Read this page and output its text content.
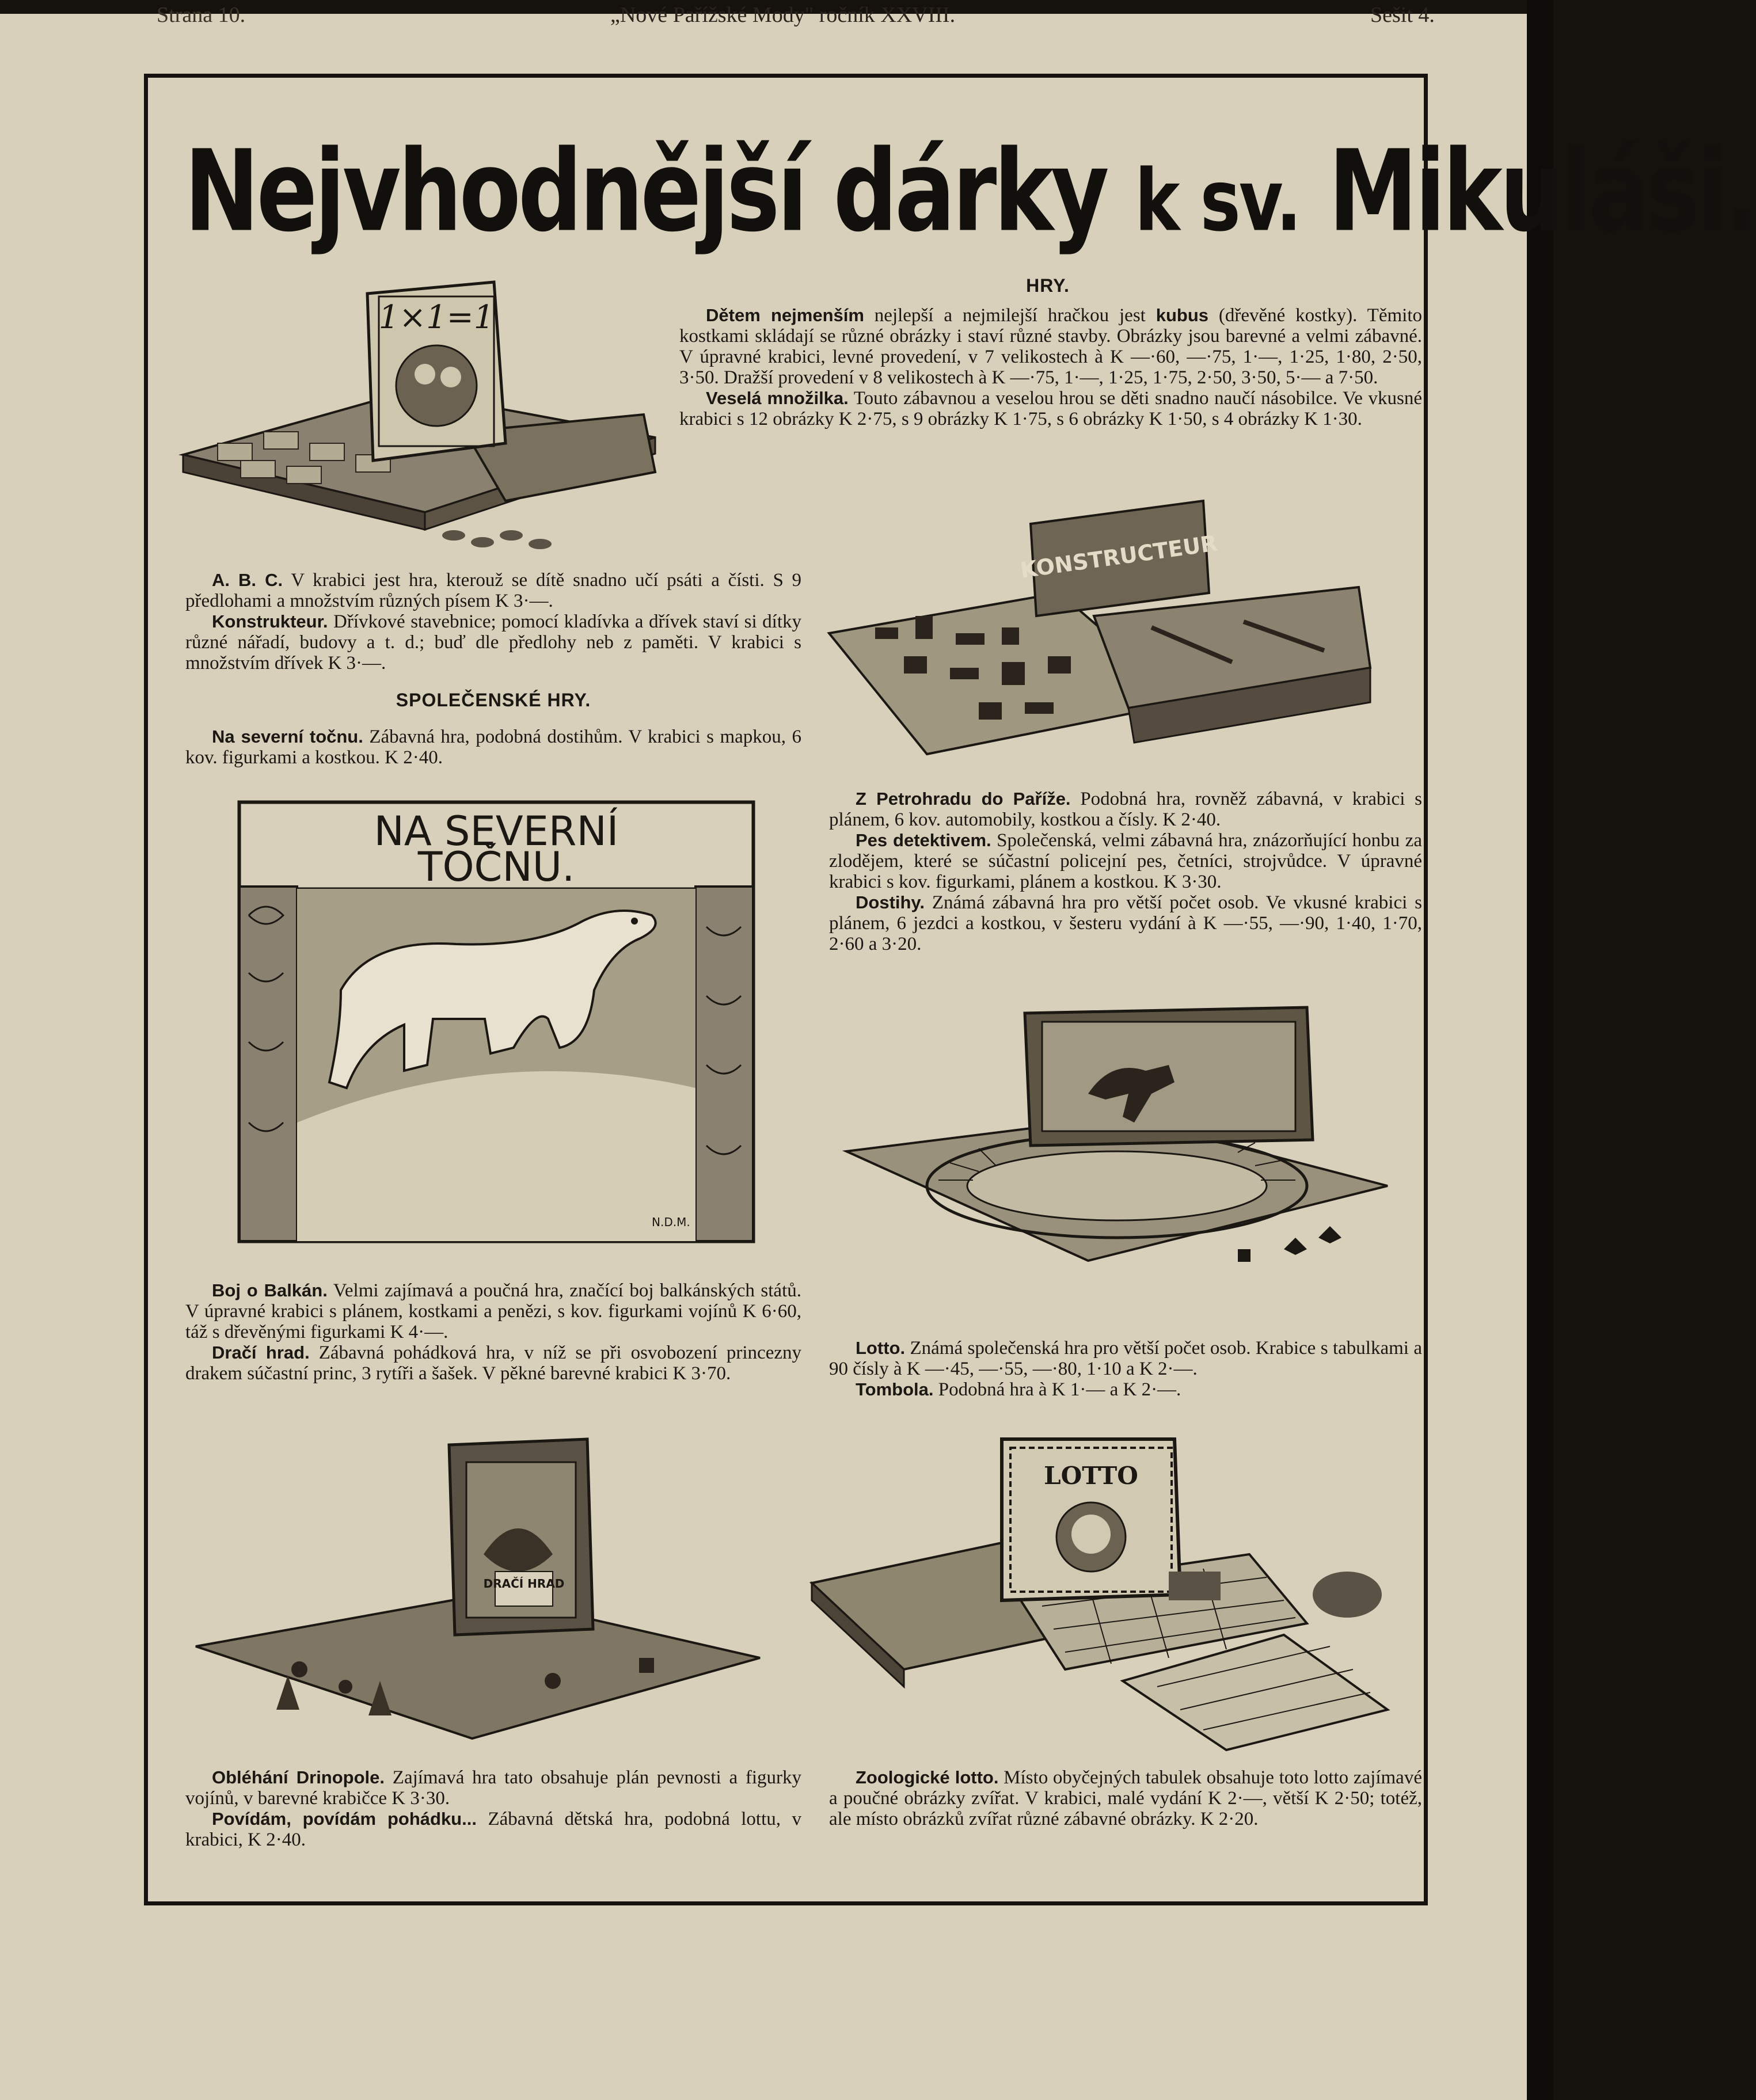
Strana 10.	„Nové Pařížské Mody" ročník XXVIII.	Sešit 4.
Nejvhodnější dárky k sv. Mikuláši.
1×1=1
HRY.

Dětem nejmenším nejlepší a nejmilejší hračkou jest kubus (dřevěné kostky). Těmito kostkami skládají se různé obrázky i staví různé stavby. Obrázky jsou barevné a velmi zábavné. V úpravné krabici, levné provedení, v 7 velikostech à K —·60, —·75, 1·—, 1·25, 1·80, 2·50, 3·50. Dražší provedení v 8 velikostech à K —·75, 1·—, 1·25, 1·75, 2·50, 3·50, 5·— a 7·50.

Veselá množilka. Touto zábavnou a veselou hrou se děti snadno naučí násobilce. Ve vkusné krabici s 12 obrázky K 2·75, s 9 obrázky K 1·75, s 6 obrázky K 1·50, s 4 obrázky K 1·30.

KONSTRUCTEUR

A. B. C. V krabici jest hra, kterouž se dítě snadno učí psáti a čísti. S 9 předlohami a množstvím různých písem K 3·—.

Konstrukteur. Dřívkové stavebnice; pomocí kladívka a dřívek staví si dítky různé nářadí, budovy a t. d.; buď dle předlohy neb z paměti. V krabici s množstvím dřívek K 3·—.

SPOLEČENSKÉ HRY.

Na severní točnu. Zábavná hra, podobná dostihům. V krabici s mapkou, 6 kov. figurkami a kostkou. K 2·40.

NA SEVERNÍ
TOČNU.
N.D.M.

Boj o Balkán. Velmi zajímavá a poučná hra, značící boj balkánských států. V úpravné krabici s plánem, kostkami a penězi, s kov. figurkami vojínů K 6·60, táž s dřevěnými figurkami K 4·—.

Dračí hrad. Zábavná pohádková hra, v níž se při osvobození princezny drakem súčastní princ, 3 rytíři a šašek. V pěkné barevné krabici K 3·70.

DRAČÍ HRAD

Obléhání Drinopole. Zajímavá hra tato obsahuje plán pevnosti a figurky vojínů, v barevné krabičce K 3·30.

Povídám, povídám pohádku... Zábavná dětská hra, podobná lottu, v krabici, K 2·40.

Z Petrohradu do Paříže. Podobná hra, rovněž zábavná, v krabici s plánem, 6 kov. automobily, kostkou a čísly. K 2·40.

Pes detektivem. Společenská, velmi zábavná hra, znázorňující honbu za zlodějem, které se súčastní policejní pes, četníci, strojvůdce. V úpravné krabici s kov. figurkami, plánem a kostkou. K 3·30.

Dostihy. Známá zábavná hra pro větší počet osob. Ve vkusné krabici s plánem, 6 jezdci a kostkou, v šesteru vydání à K —·55, —·90, 1·40, 1·70, 2·60 a 3·20.

Lotto. Známá společenská hra pro větší počet osob. Krabice s tabulkami a 90 čísly à K —·45, —·55, —·80, 1·10 a K 2·—.

Tombola. Podobná hra à K 1·— a K 2·—.

LOTTO

Zoologické lotto. Místo obyčejných tabulek obsahuje toto lotto zajímavé a poučné obrázky zvířat. V krabici, malé vydání K 2·—, větší K 2·50; totéž, ale místo obrázků zvířat různé zábavné obrázky. K 2·20.
